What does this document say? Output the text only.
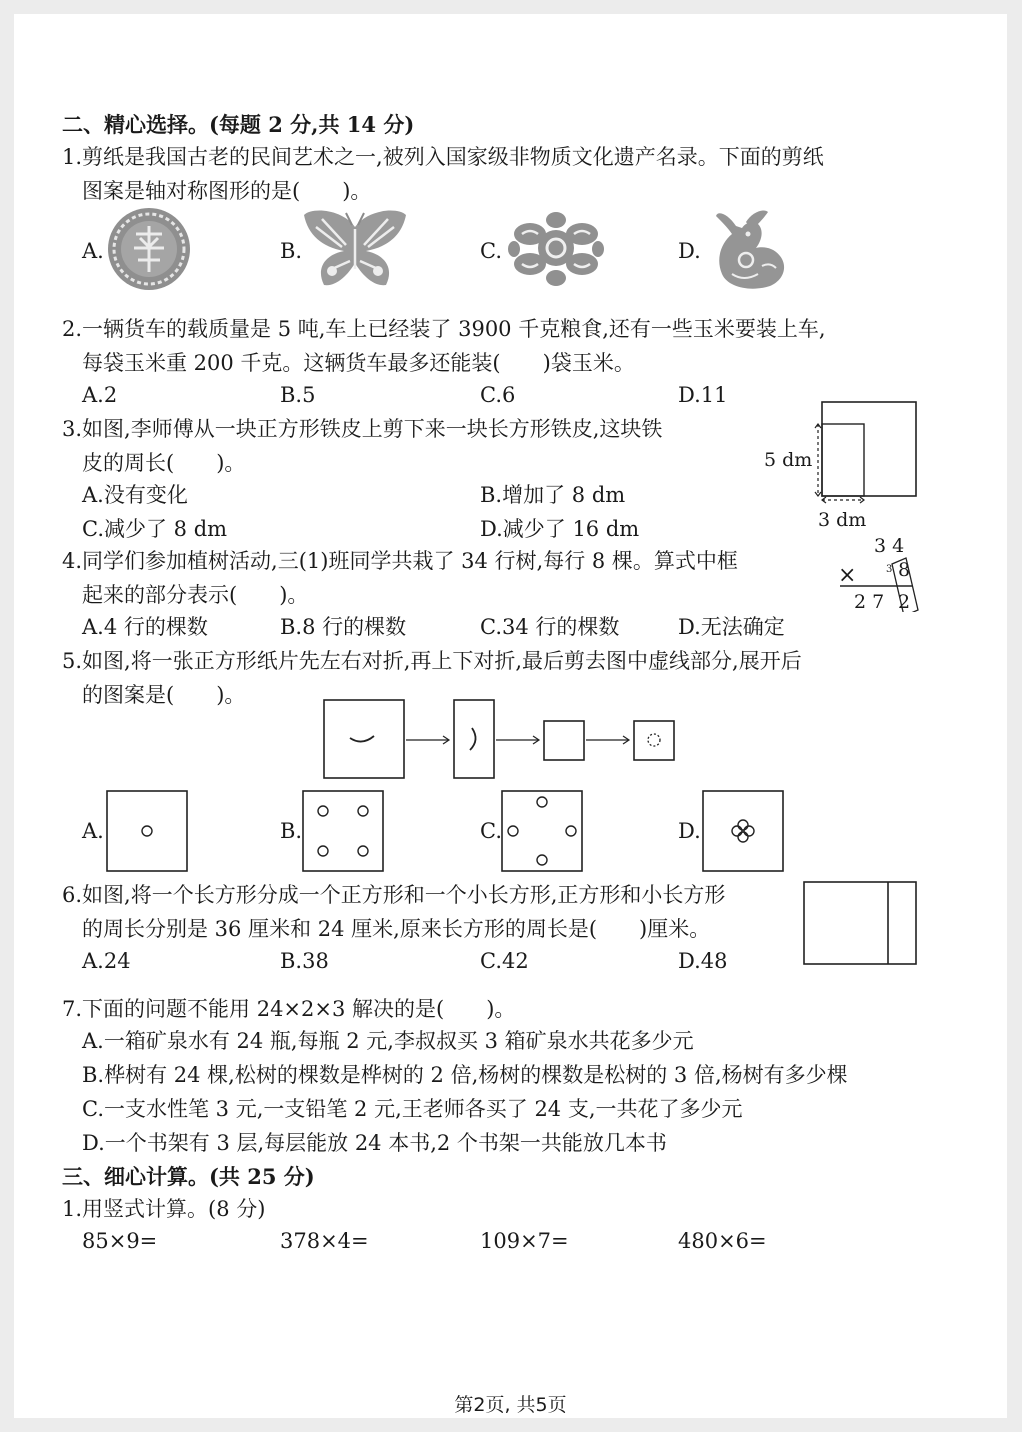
二、精心选择。(每题 2 分,共 14 分)
1.剪纸是我国古老的民间艺术之一,被列入国家级非物质文化遗产名录。下面的剪纸
图案是轴对称图形的是(　　)。
A.	B.	C.	D.
2.一辆货车的载质量是 5 吨,车上已经装了 3900 千克粮食,还有一些玉米要装上车,
每袋玉米重 200 千克。这辆货车最多还能装(　　)袋玉米。
A.2	B.5	C.6	D.11
3.如图,李师傅从一块正方形铁皮上剪下来一块长方形铁皮,这块铁
皮的周长(　　)。
A.没有变化	B.增加了 8 dm
C.减少了 8 dm	D.减少了 16 dm
5 dm
3 dm
4.同学们参加植树活动,三(1)班同学共栽了 34 行树,每行 8 棵。算式中框
起来的部分表示(　　)。
A.4 行的棵数	B.8 行的棵数	C.34 行的棵数	D.无法确定
3 4
× 8
3
2 7 2
5.如图,将一张正方形纸片先左右对折,再上下对折,最后剪去图中虚线部分,展开后
的图案是(　　)。
A.	B.	C.	D.
6.如图,将一个长方形分成一个正方形和一个小长方形,正方形和小长方形
的周长分别是 36 厘米和 24 厘米,原来长方形的周长是(　　)厘米。
A.24	B.38	C.42	D.48
7.下面的问题不能用 24×2×3 解决的是(　　)。
A.一箱矿泉水有 24 瓶,每瓶 2 元,李叔叔买 3 箱矿泉水共花多少元
B.桦树有 24 棵,松树的棵数是桦树的 2 倍,杨树的棵数是松树的 3 倍,杨树有多少棵
C.一支水性笔 3 元,一支铅笔 2 元,王老师各买了 24 支,一共花了多少元
D.一个书架有 3 层,每层能放 24 本书,2 个书架一共能放几本书
三、细心计算。(共 25 分)
1.用竖式计算。(8 分)
85×9=	378×4=	109×7=	480×6=
第2页, 共5页
